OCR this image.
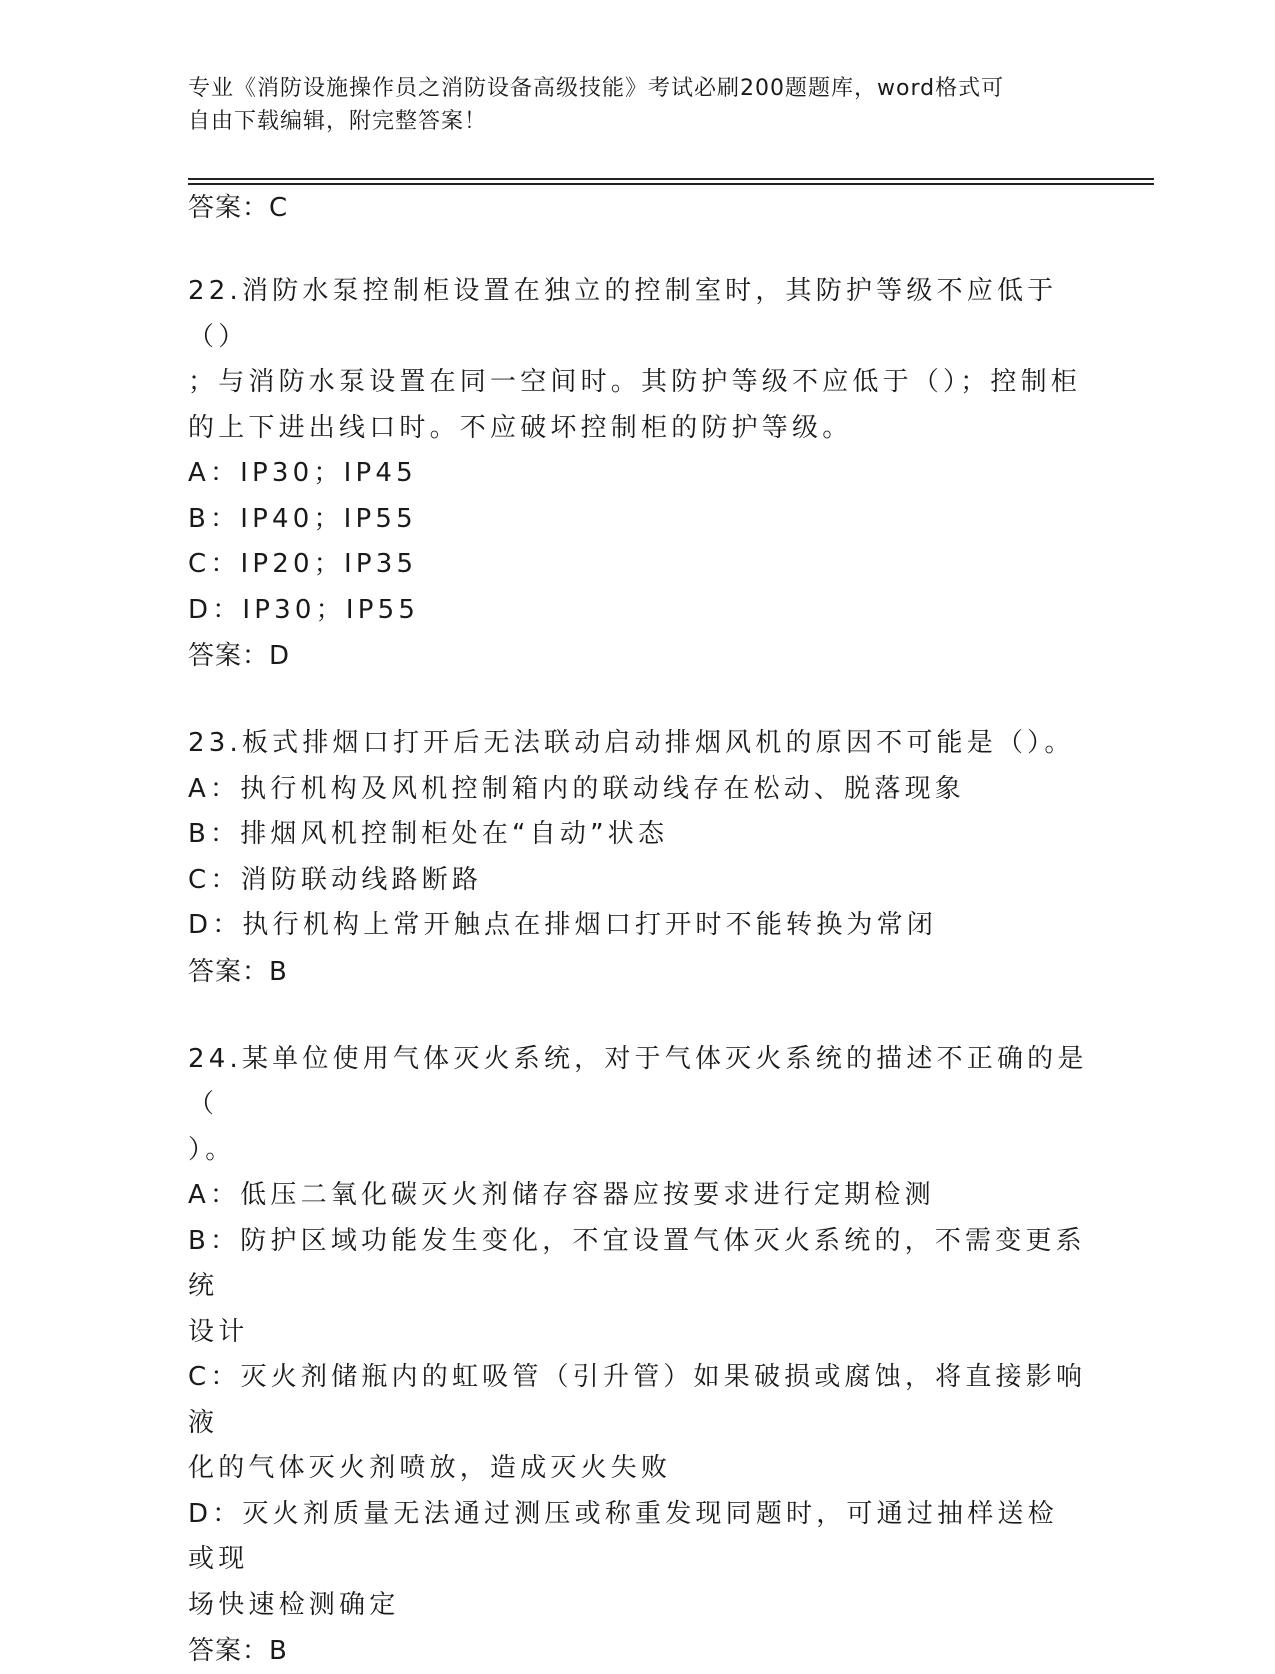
专业《消防设施操作员之消防设备高级技能》考试必刷200题题库，word格式可
自由下载编辑，附完整答案！

答案：C

22.消防水泵控制柜设置在独立的控制室时，其防护等级不应低于（）

；与消防水泵设置在同一空间时。其防护等级不应低于（）；控制柜

的上下进出线口时。不应破坏控制柜的防护等级。

A：IP30；IP45

B：IP40；IP55

C：IP20；IP35

D：IP30；IP55

答案：D

23.板式排烟口打开后无法联动启动排烟风机的原因不可能是（）。

A：执行机构及风机控制箱内的联动线存在松动、脱落现象

B：排烟风机控制柜处在“自动”状态

C：消防联动线路断路

D：执行机构上常开触点在排烟口打开时不能转换为常闭

答案：B

24.某单位使用气体灭火系统，对于气体灭火系统的描述不正确的是（

）。

A：低压二氧化碳灭火剂储存容器应按要求进行定期检测

B：防护区域功能发生变化，不宜设置气体灭火系统的，不需变更系统

设计

C：灭火剂储瓶内的虹吸管（引升管）如果破损或腐蚀，将直接影响液

化的气体灭火剂喷放，造成灭火失败

D：灭火剂质量无法通过测压或称重发现同题时，可通过抽样送检或现

场快速检测确定

答案：B
